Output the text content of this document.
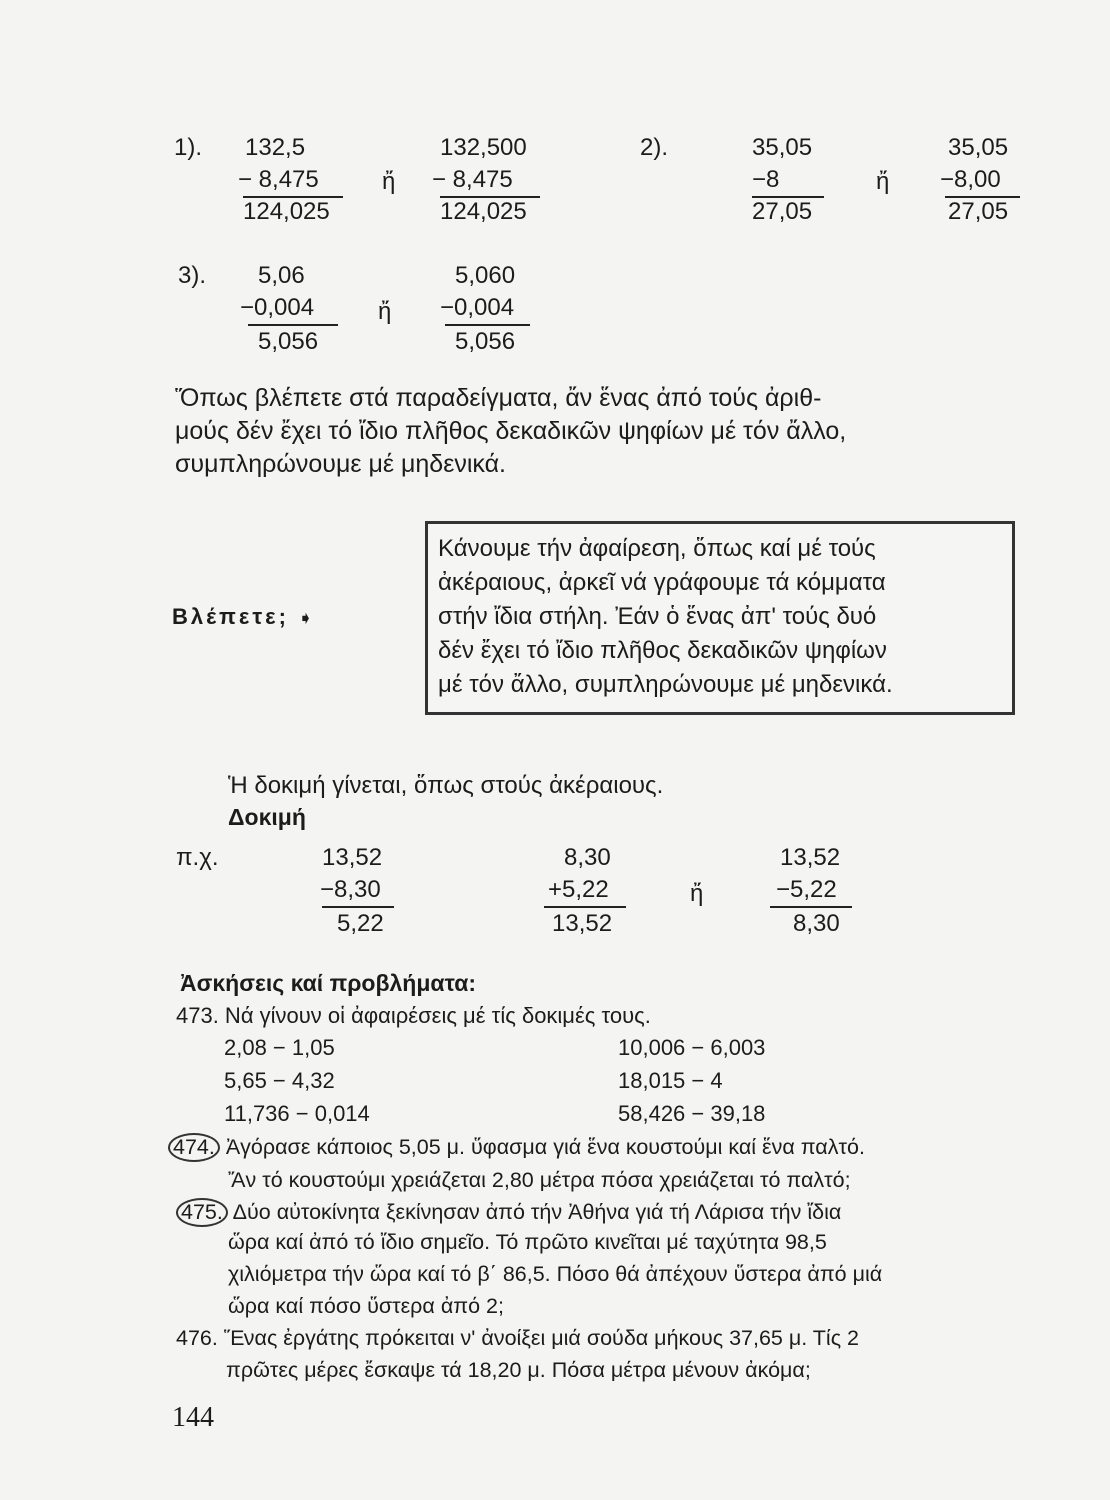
1). 132,5
− 8,475
124,025
ἤ
132,500
− 8,475
124,025
2).	35,05
−8
27,05
ἤ
35,05
−8,00
27,05
3). 5,06
−0,004
5,056
ἤ
5,060
−0,004
5,056
Ὅπως βλέπετε στά παραδείγματα, ἄν ἕνας ἀπό τούς ἀριθ-
μούς δέν ἔχει τό ἴδιο πλῆθος δεκαδικῶν ψηφίων μέ τόν ἄλλο,
συμπληρώνουμε μέ μηδενικά.
Βλέπετε; ➧
Κάνουμε τήν ἀφαίρεση, ὅπως καί μέ τούς
ἀκέραιους, ἀρκεῖ νά γράφουμε τά κόμματα
στήν ἴδια στήλη. Ἐάν ὁ ἕνας ἀπ' τούς δυό
δέν ἔχει τό ἴδιο πλῆθος δεκαδικῶν ψηφίων
μέ τόν ἄλλο, συμπληρώνουμε μέ μηδενικά.
Ἡ δοκιμή γίνεται, ὅπως στούς ἀκέραιους.
Δοκιμή
π.χ.	13,52
−8,30
5,22
8,30
+5,22
13,52
ἤ
13,52
−5,22
8,30
Ἀσκήσεις καί προβλήματα:
473. Νά γίνουν οἱ ἀφαιρέσεις μέ τίς δοκιμές τους.
2,08 − 1,05
5,65 − 4,32
11,736 − 0,014
10,006 − 6,003
18,015 − 4
58,426 − 39,18
474. Ἀγόρασε κάποιος 5,05 μ. ὕφασμα γιά ἕνα κουστούμι καί ἕνα παλτό.
Ἄν τό κουστούμι χρειάζεται 2,80 μέτρα πόσα χρειάζεται τό παλτό;
475. Δύο αὐτοκίνητα ξεκίνησαν ἀπό τήν Ἀθήνα γιά τή Λάρισα τήν ἴδια
ὥρα καί ἀπό τό ἴδιο σημεῖο. Τό πρῶτο κινεῖται μέ ταχύτητα 98,5
χιλιόμετρα τήν ὥρα καί τό β΄ 86,5. Πόσο θά ἀπέχουν ὕστερα ἀπό μιά
ὥρα καί πόσο ὕστερα ἀπό 2;
476. Ἕνας ἐργάτης πρόκειται ν' ἀνοίξει μιά σούδα μήκους 37,65 μ. Τίς 2
πρῶτες μέρες ἔσκαψε τά 18,20 μ. Πόσα μέτρα μένουν ἀκόμα;
144
